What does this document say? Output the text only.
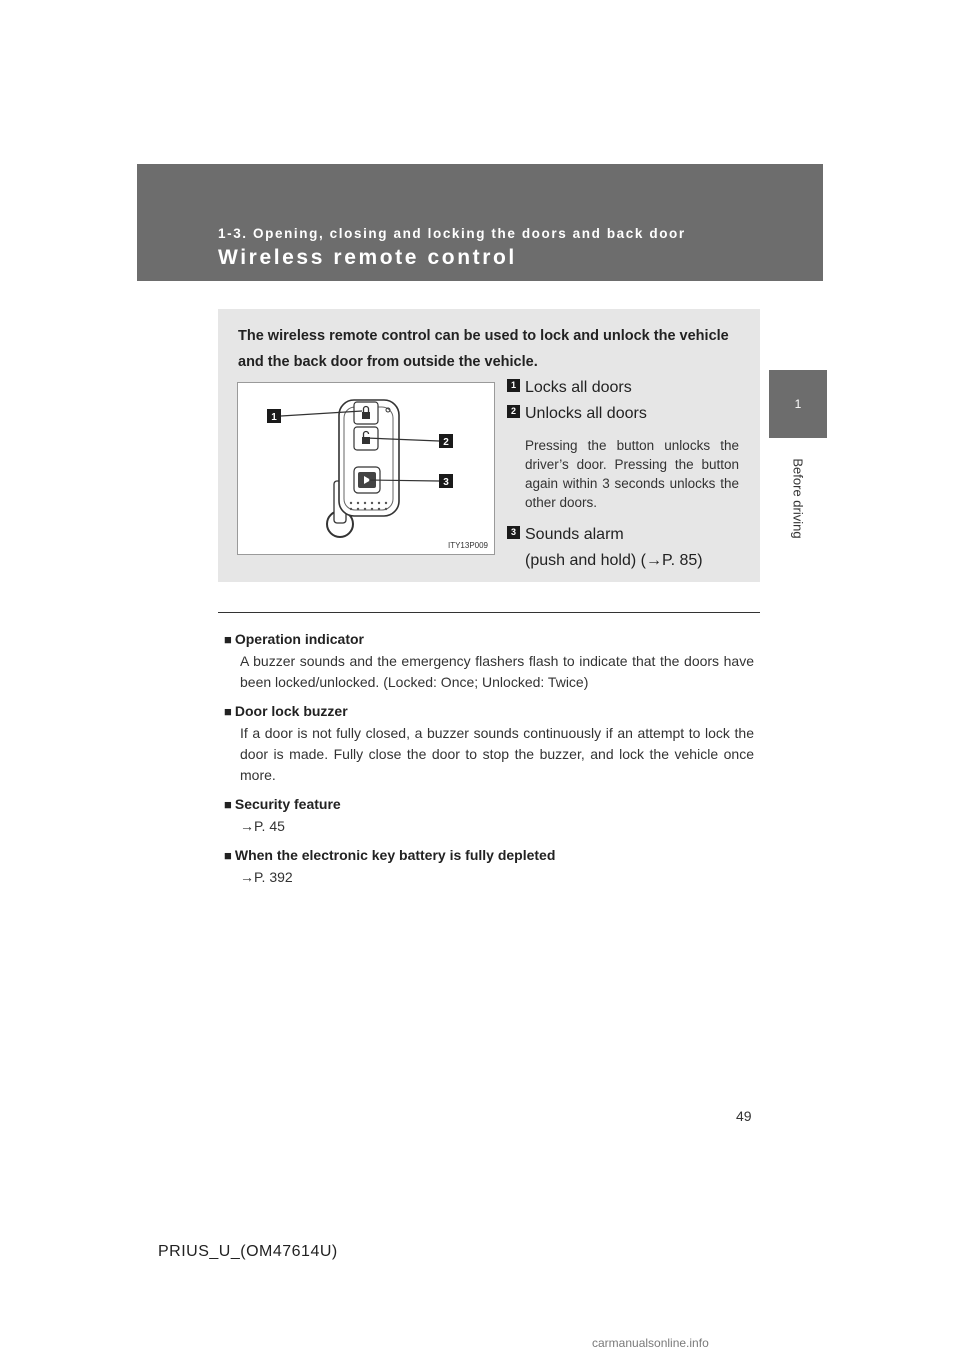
1-3. Opening, closing and locking the doors and back door
Wireless remote control
1
Before driving
The wireless remote control can be used to lock and unlock the vehicle and the back door from outside the vehicle.
1
2
3
ITY13P009
1 Locks all doors
2 Unlocks all doors
Pressing the button unlocks the driver’s door. Pressing the button again within 3 seconds unlocks the other doors.
3 Sounds alarm
(push and hold) (→P. 85)
■ Operation indicator
A buzzer sounds and the emergency flashers flash to indicate that the doors have been locked/unlocked. (Locked: Once; Unlocked: Twice)
■ Door lock buzzer
If a door is not fully closed, a buzzer sounds continuously if an attempt to lock the door is made. Fully close the door to stop the buzzer, and lock the vehicle once more.
■ Security feature
→P. 45
■ When the electronic key battery is fully depleted
→P. 392
49
PRIUS_U_(OM47614U)
carmanualsonline.info
